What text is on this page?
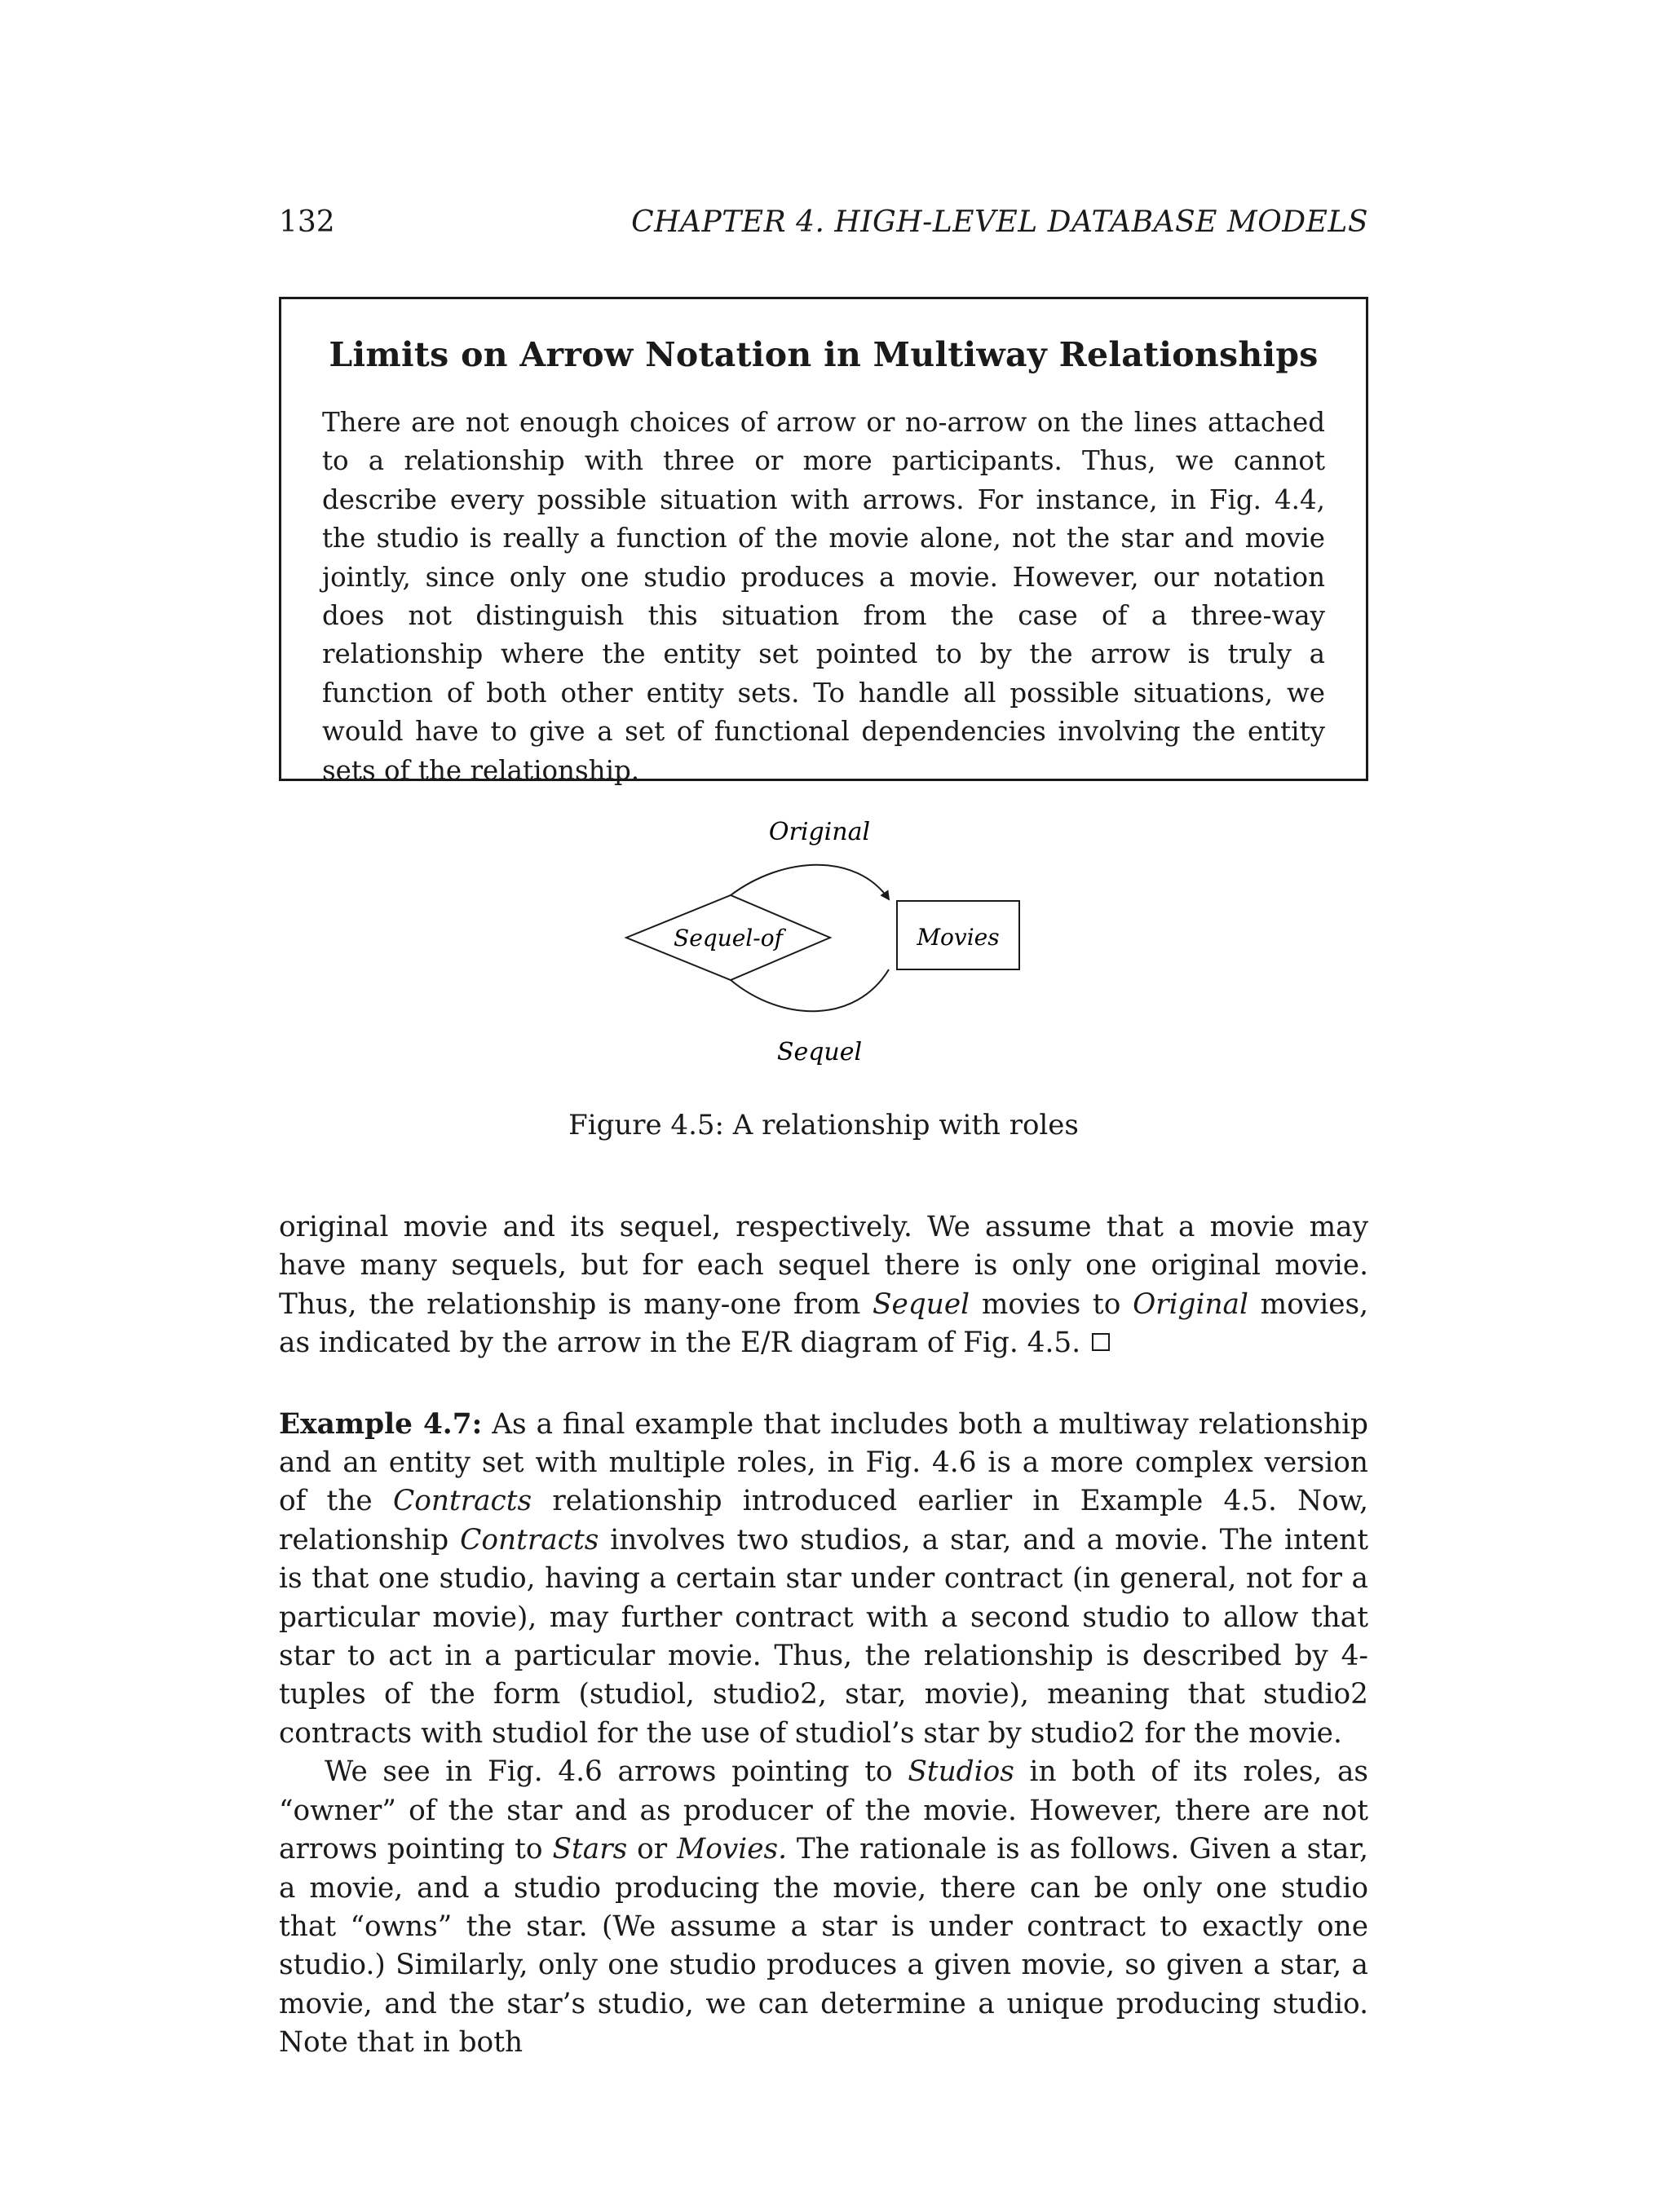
132	CHAPTER 4. HIGH-LEVEL DATABASE MODELS
Limits on Arrow Notation in Multiway Relationships

There are not enough choices of arrow or no-arrow on the lines attached to a relationship with three or more participants. Thus, we cannot describe every possible situation with arrows. For instance, in Fig. 4.4, the studio is really a function of the movie alone, not the star and movie jointly, since only one studio produces a movie. However, our notation does not distinguish this situation from the case of a three-way relationship where the entity set pointed to by the arrow is truly a function of both other entity sets. To handle all possible situations, we would have to give a set of functional dependencies involving the entity sets of the relationship.

Original
Sequel-of	Movies
Sequel
Figure 4.5: A relationship with roles

original movie and its sequel, respectively. We assume that a movie may have many sequels, but for each sequel there is only one original movie. Thus, the relationship is many-one from Sequel movies to Original movies, as indicated by the arrow in the E/R diagram of Fig. 4.5.

Example 4.7: As a final example that includes both a multiway relationship and an entity set with multiple roles, in Fig. 4.6 is a more complex version of the Contracts relationship introduced earlier in Example 4.5. Now, relationship Contracts involves two studios, a star, and a movie. The intent is that one studio, having a certain star under contract (in general, not for a particular movie), may further contract with a second studio to allow that star to act in a particular movie. Thus, the relationship is described by 4-tuples of the form (studiol, studio2, star, movie), meaning that studio2 contracts with studiol for the use of studiol’s star by studio2 for the movie.

We see in Fig. 4.6 arrows pointing to Studios in both of its roles, as “owner” of the star and as producer of the movie. However, there are not arrows pointing to Stars or Movies. The rationale is as follows. Given a star, a movie, and a studio producing the movie, there can be only one studio that “owns” the star. (We assume a star is under contract to exactly one studio.) Similarly, only one studio produces a given movie, so given a star, a movie, and the star’s studio, we can determine a unique producing studio. Note that in both
